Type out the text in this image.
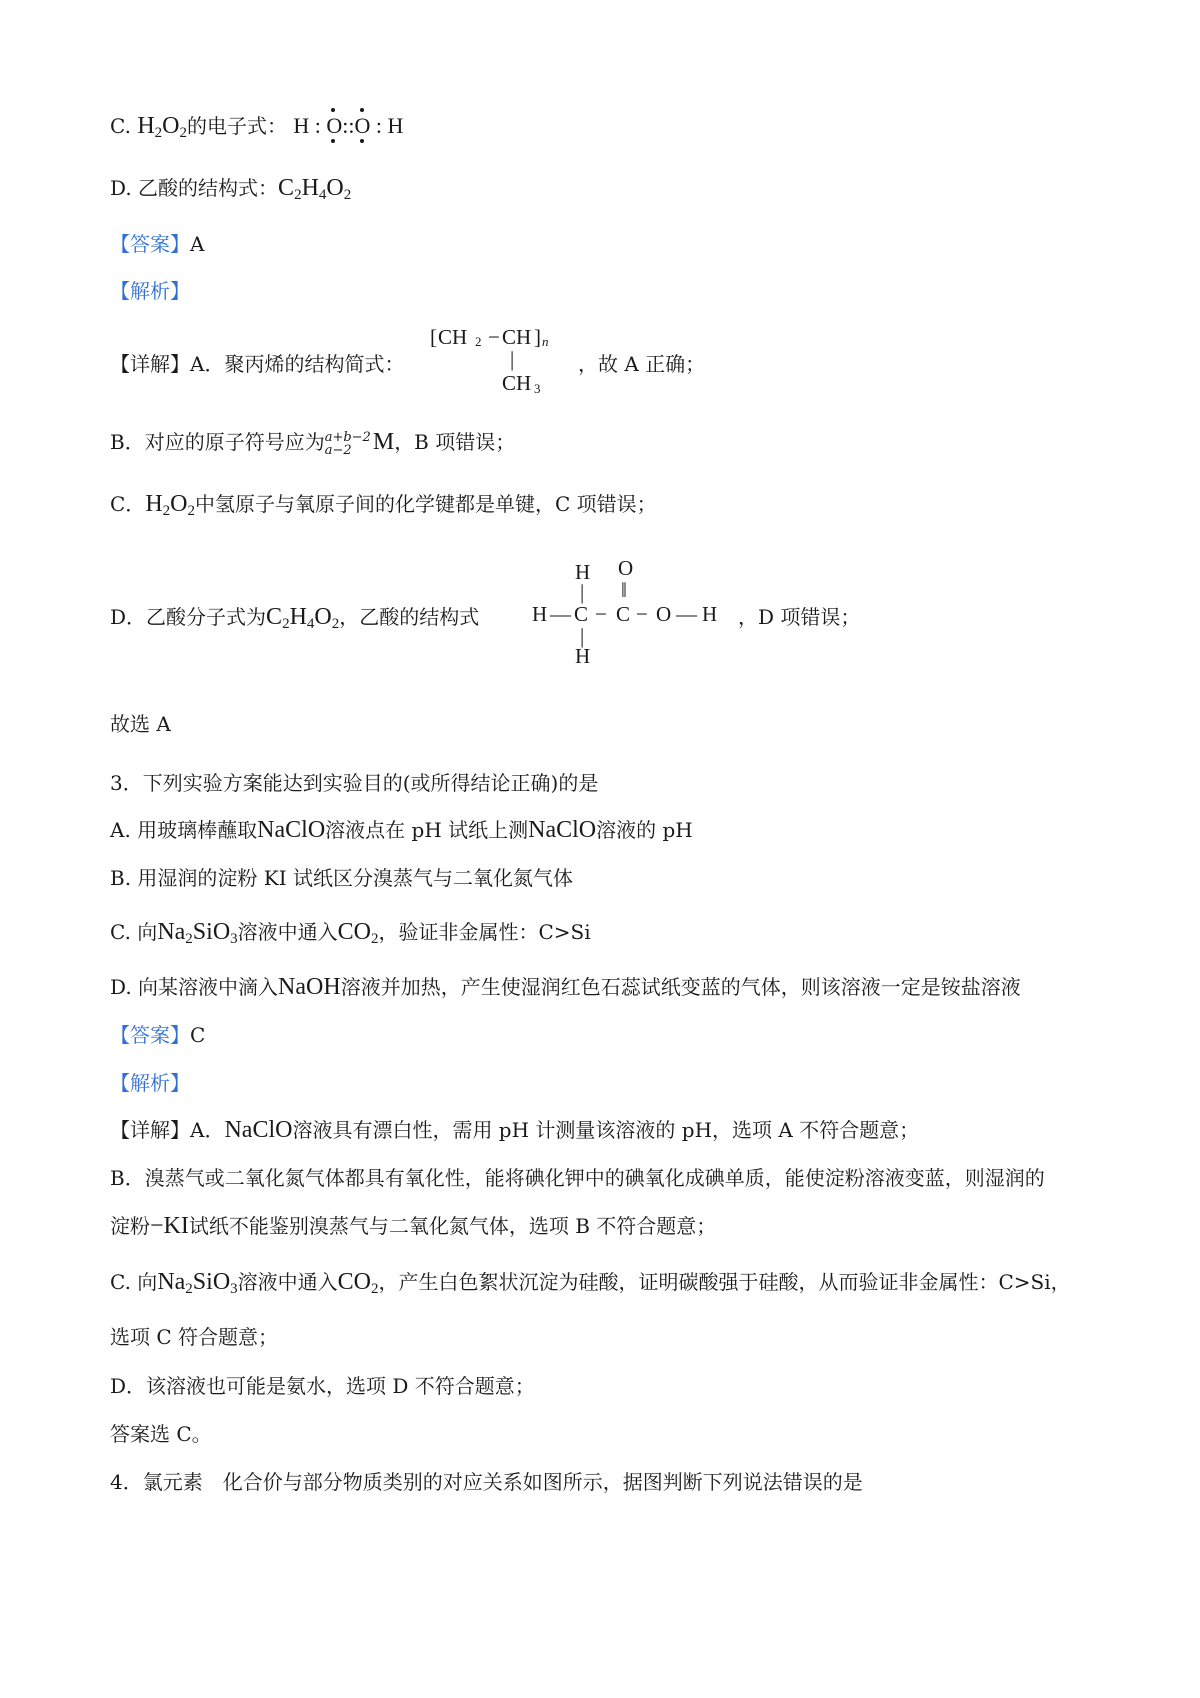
C. $H_2O_2$的电子式： H : O
::O : H
D. 乙酸的结构式：$C_2H_4O_2$
【答案】A
【解析】
【详解】A．聚丙烯的结构简式：
[ CH 2 − CH ] n
|
CH 3
，故 A 正确；
B．对应的原子符号应为a+b−2
a−2 M，B 项错误；
C．$H_2O_2$中氢原子与氧原子间的化学键都是单键，C 项错误；
D．乙酸分子式为$C_2H_4O_2$，乙酸的结构式
H O
| ‖
H — C − C − O — H
|
H
，D 项错误；
故选 A
3．下列实验方案能达到实验目的(或所得结论正确)的是
A. 用玻璃棒蘸取NaClO溶液点在 pH 试纸上测NaClO溶液的 pH
B. 用湿润的淀粉 KI 试纸区分溴蒸气与二氧化氮气体
C. 向$Na_2SiO_3$溶液中通入$CO_2$，验证非金属性：C>Si
D. 向某溶液中滴入NaOH溶液并加热，产生使湿润红色石蕊试纸变蓝的气体，则该溶液一定是铵盐溶液
【答案】C
【解析】
【详解】A．NaClO溶液具有漂白性，需用 pH 计测量该溶液的 pH，选项 A 不符合题意；
B．溴蒸气或二氧化氮气体都具有氧化性，能将碘化钾中的碘氧化成碘单质，能使淀粉溶液变蓝，则湿润的
淀粉−KI试纸不能鉴别溴蒸气与二氧化氮气体，选项 B 不符合题意；
C. 向$Na_2SiO_3$溶液中通入$CO_2$，产生白色絮状沉淀为硅酸，证明碳酸强于硅酸，从而验证非金属性：C>Si，
选项 C 符合题意；
D．该溶液也可能是氨水，选项 D 不符合题意；
答案选 C。
4．氯元素　化合价与部分物质类别的对应关系如图所示，据图判断下列说法错误的是
